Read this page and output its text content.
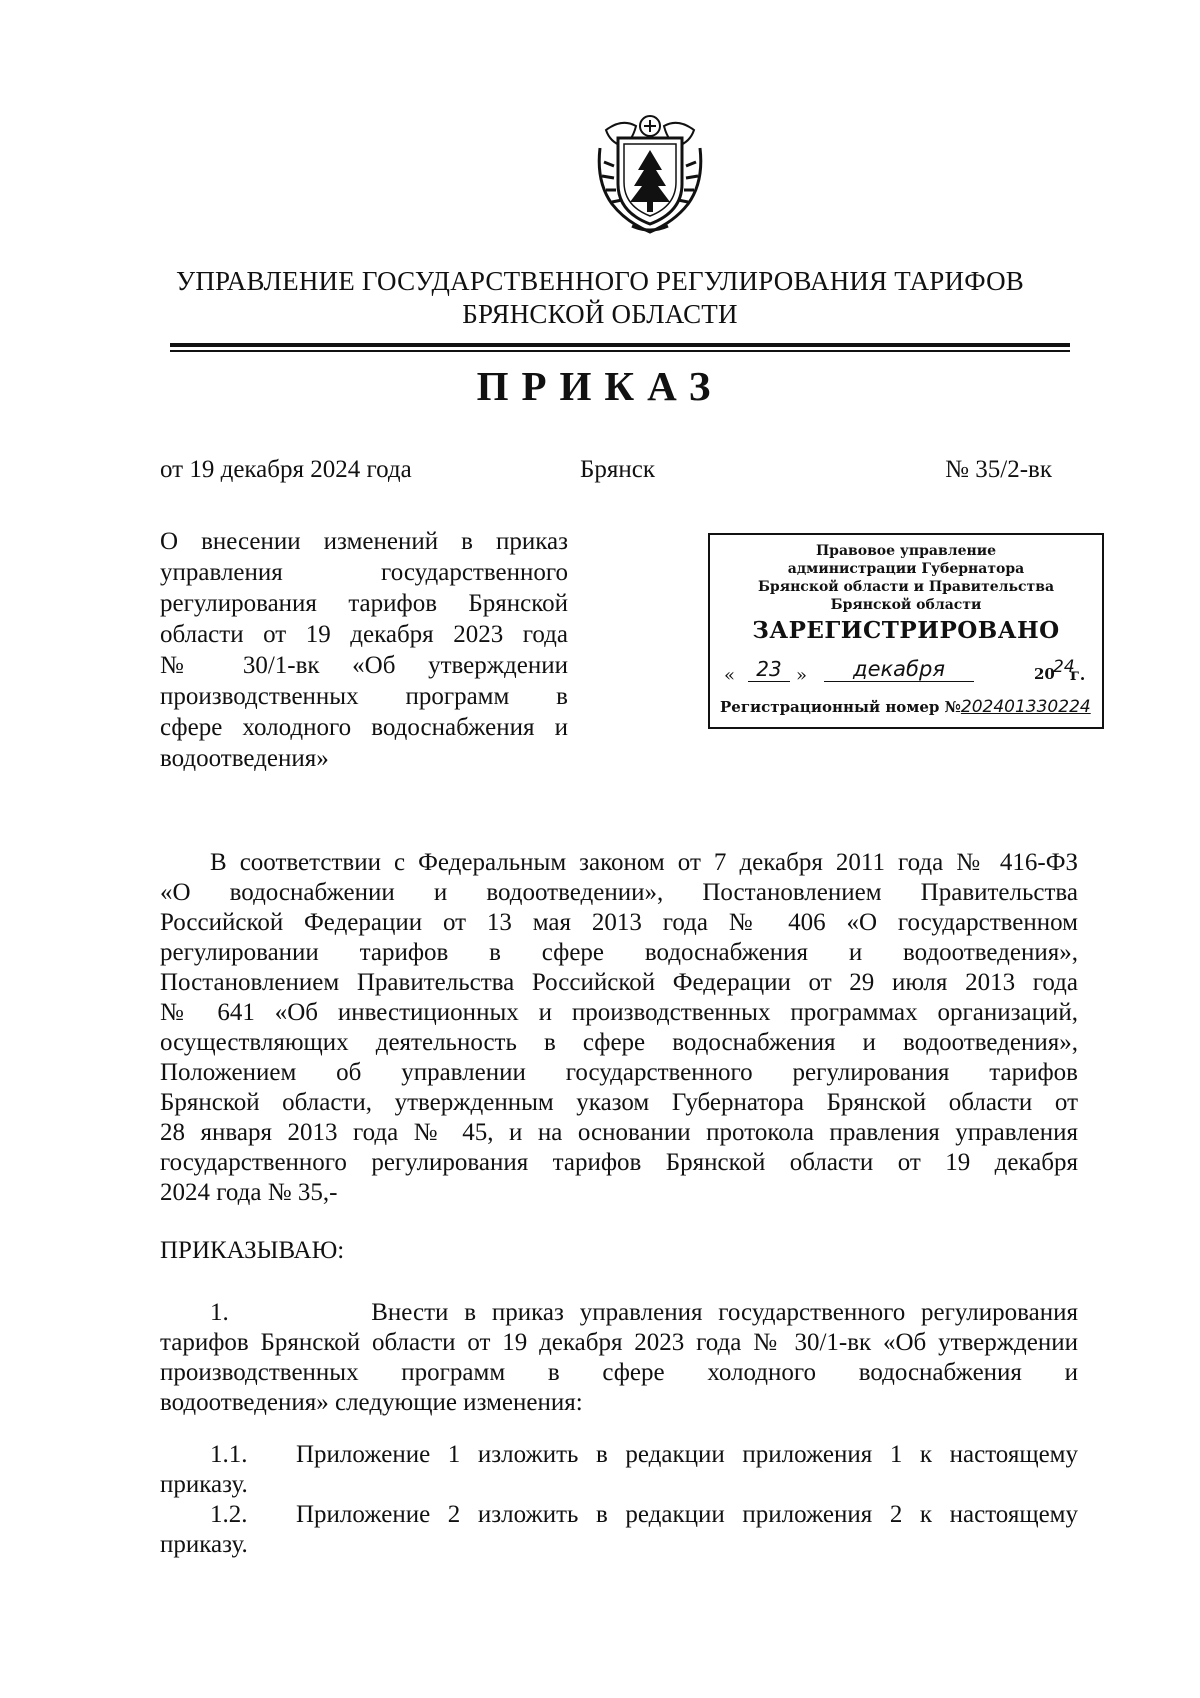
УПРАВЛЕНИЕ ГОСУДАРСТВЕННОГО РЕГУЛИРОВАНИЯ ТАРИФОВ
БРЯНСКОЙ ОБЛАСТИ
ПРИКАЗ
от 19 декабря 2024 года	Брянск	№ 35/2-вк
О внесении изменений в приказ
управления государственного
регулирования тарифов Брянской
области от 19 декабря 2023 года
№ 30/1-вк «Об утверждении
производственных программ в
сфере холодного водоснабжения и
водоотведения»
Правовое управление
администрации Губернатора
Брянской области и Правительства
Брянской области
ЗАРЕГИСТРИРОВАНО
«	23 »	декабря	20
24
г.
Регистрационный номер №202401330224
В соответствии с Федеральным законом от 7 декабря 2011 года № 416-ФЗ
«О водоснабжении и водоотведении», Постановлением Правительства
Российской Федерации от 13 мая 2013 года № 406 «О государственном
регулировании тарифов в сфере водоснабжения и водоотведения»,
Постановлением Правительства Российской Федерации от 29 июля 2013 года
№ 641 «Об инвестиционных и производственных программах организаций,
осуществляющих деятельность в сфере водоснабжения и водоотведения»,
Положением об управлении государственного регулирования тарифов
Брянской области, утвержденным указом Губернатора Брянской области от
28 января 2013 года № 45, и на основании протокола правления управления
государственного регулирования тарифов Брянской области от 19 декабря
2024 года № 35,-
ПРИКАЗЫВАЮ:
1.         Внести в приказ управления государственного регулирования
тарифов Брянской области от 19 декабря 2023 года № 30/1-вк «Об утверждении
производственных программ в сфере холодного водоснабжения и
водоотведения» следующие изменения:
1.1.	Приложение 1 изложить в редакции приложения 1 к настоящему
приказу.
1.2.	Приложение 2 изложить в редакции приложения 2 к настоящему
приказу.
